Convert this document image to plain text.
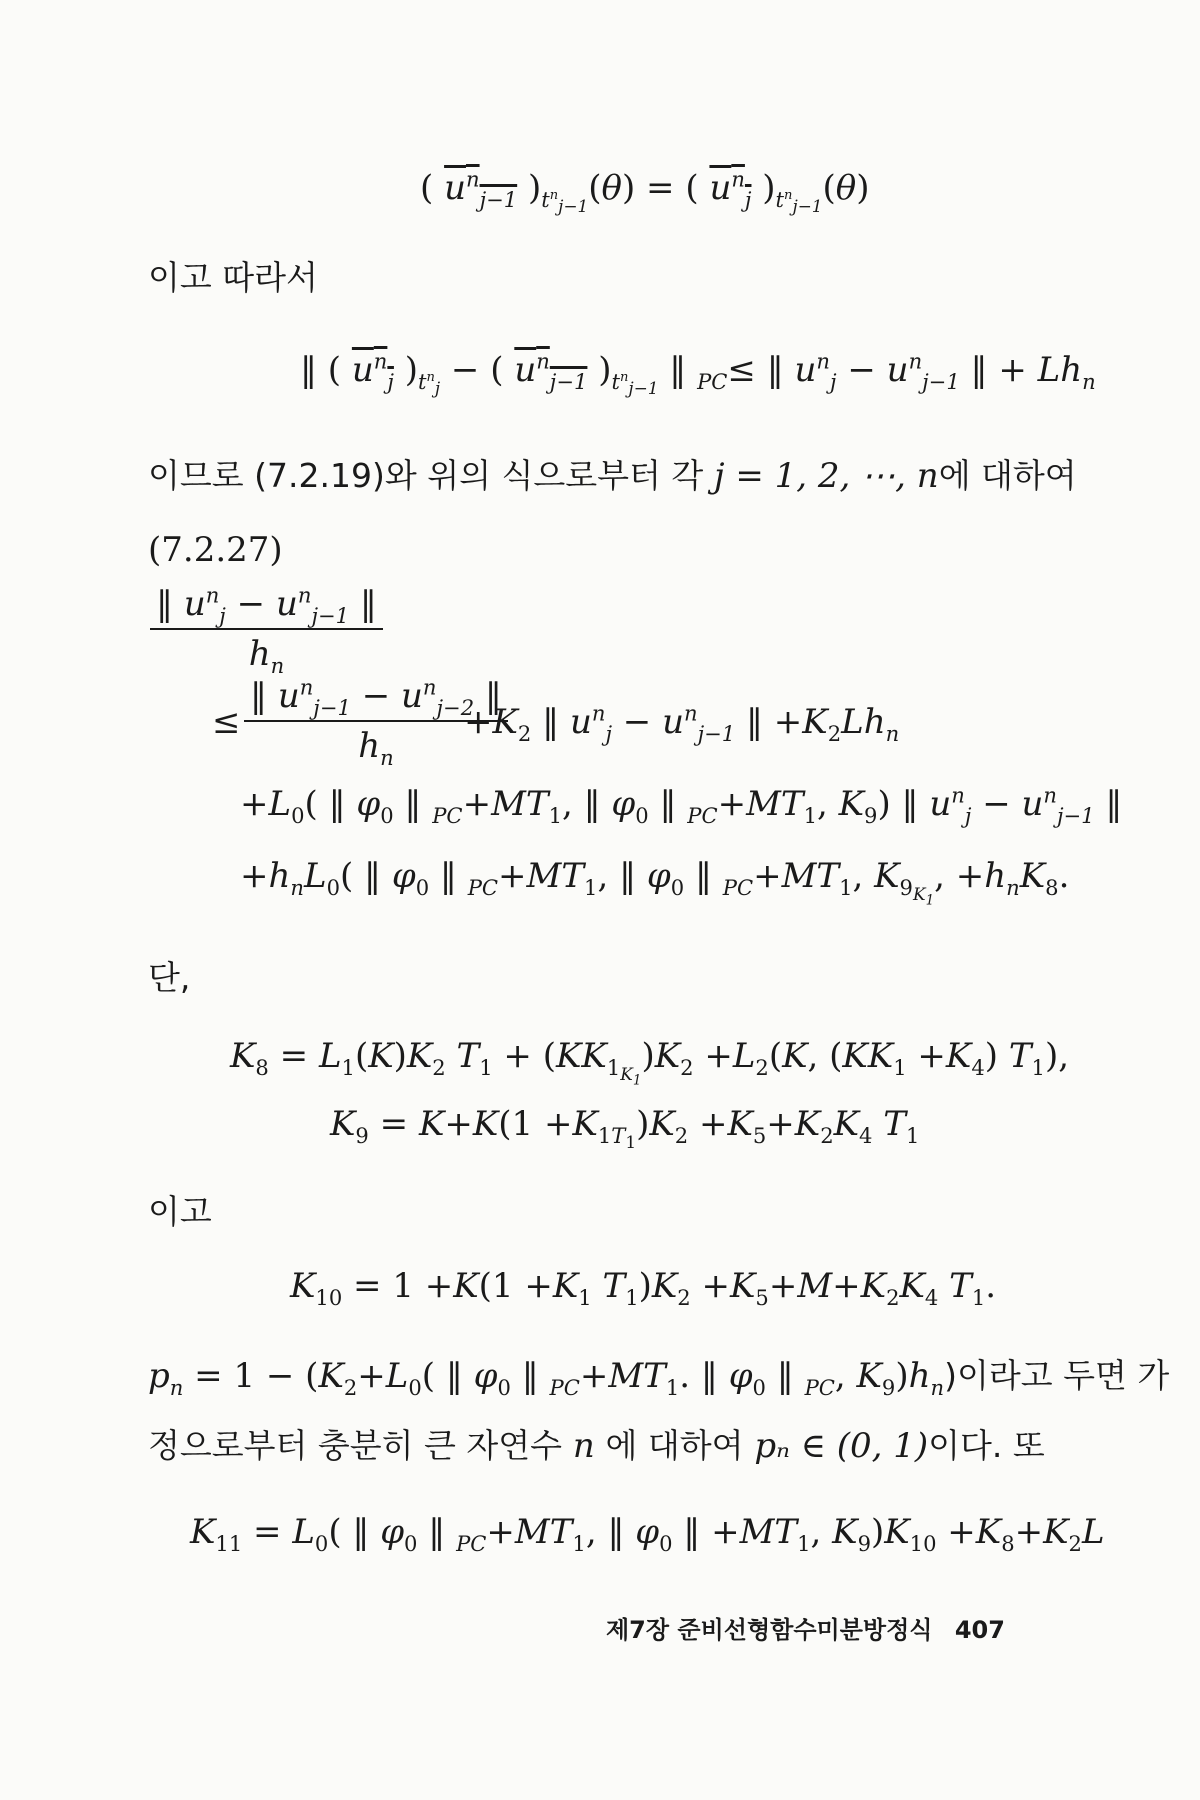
( $u^n_{j-1}$ )$_{t^n_{j-1}}(\theta)$ = ( $u^n_j$ )$_{t^n_{j-1}}(\theta)$
이고 따라서
‖ ( $u^n_j$ )$_{t^n_j}$ − ( $u^n_{j-1}$ )$_{t^n_{j-1}}$ ‖ $_{PC}$≤ ‖ $u^n_j - u^n_{j-1}$ ‖ + $Lh_n$
이므로 (7.2.19)와 위의 식으로부터 각 j = 1, 2, ⋯, n에 대하여
(7.2.27)
‖ $u^n_j - u^n_{j-1}$ ‖
$h_n$
≤
‖ $u^n_{j-1} - u^n_{j-2}$ ‖
$h_n$
$+K_2$ ‖ $u^n_j - u^n_{j-1}$ ‖ $+K_2Lh_n$
$+L_0$( ‖ $\varphi_0$ ‖ $_{PC}+MT_1$, ‖ $\varphi_0$ ‖ $_{PC}+MT_1$, $K_9$) ‖ $u^n_j - u^n_{j-1}$ ‖
$+h_nL_0$( ‖ $\varphi_0$ ‖ $_{PC}+MT_1$, ‖ $\varphi_0$ ‖ $_{PC}+MT_1$, $K_{9_{K_1}}$, $+h_nK_8$.
단,
$K_8 = L_1(K)K_2$ $T_1 + (KK_{1_{K_1}})K_2 +L_2(K$, $(KK_1 +K_4)$ $T_1$),
$K_9 = K+K(1 +K_{1T_1})K_2 +K_5+K_2K_4$ $T_1$
이고
$K_{10} = 1 +K(1 +K_1$ $T_1)K_2 +K_5+M+K_2K_4$ $T_1$.
$p_n = 1 - (K_2+L_0$( ‖ $\varphi_0$ ‖ $_{PC}+MT_1$. ‖ $\varphi_0$ ‖ $_{PC}$, $K_9)h_n$)이라고 두면 가
정으로부터 충분히 큰 자연수 n 에 대하여 pₙ ∈ (0, 1)이다. 또
$K_{11} = L_0$( ‖ $\varphi_0$ ‖ $_{PC}+MT_1$, ‖ $\varphi_0$ ‖ $+MT_1$, $K_9)K_{10} +K_8+K_2L$
제7장 준비선형함수미분방정식 407
